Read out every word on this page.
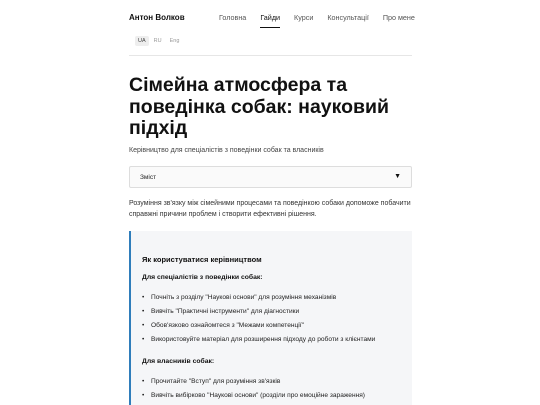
Антон Волков	Головна Гайди Курси Консультації Про мене
UA	RU	Eng
Сімейна атмосфера та поведінка собак: науковий підхід

Керівництво для спеціалістів з поведінки собак та власників

Зміст	▼

Розуміння зв'язку між сімейними процесами та поведінкою собаки допоможе побачити справжні причини проблем і створити ефективні рішення.

Як користуватися керівництвом
Для спеціалістів з поведінки собак:
• Почніть з розділу "Наукові основи" для розуміння механізмів
• Вивчіть "Практичні інструменти" для діагностики
• Обов'язково ознайомтеся з "Межами компетенції"
• Використовуйте матеріал для розширення підходу до роботи з клієнтами
Для власників собак:
• Прочитайте "Вступ" для розуміння зв'язків
• Вивчіть вибірково "Наукові основи" (розділи про емоційне зараження)
